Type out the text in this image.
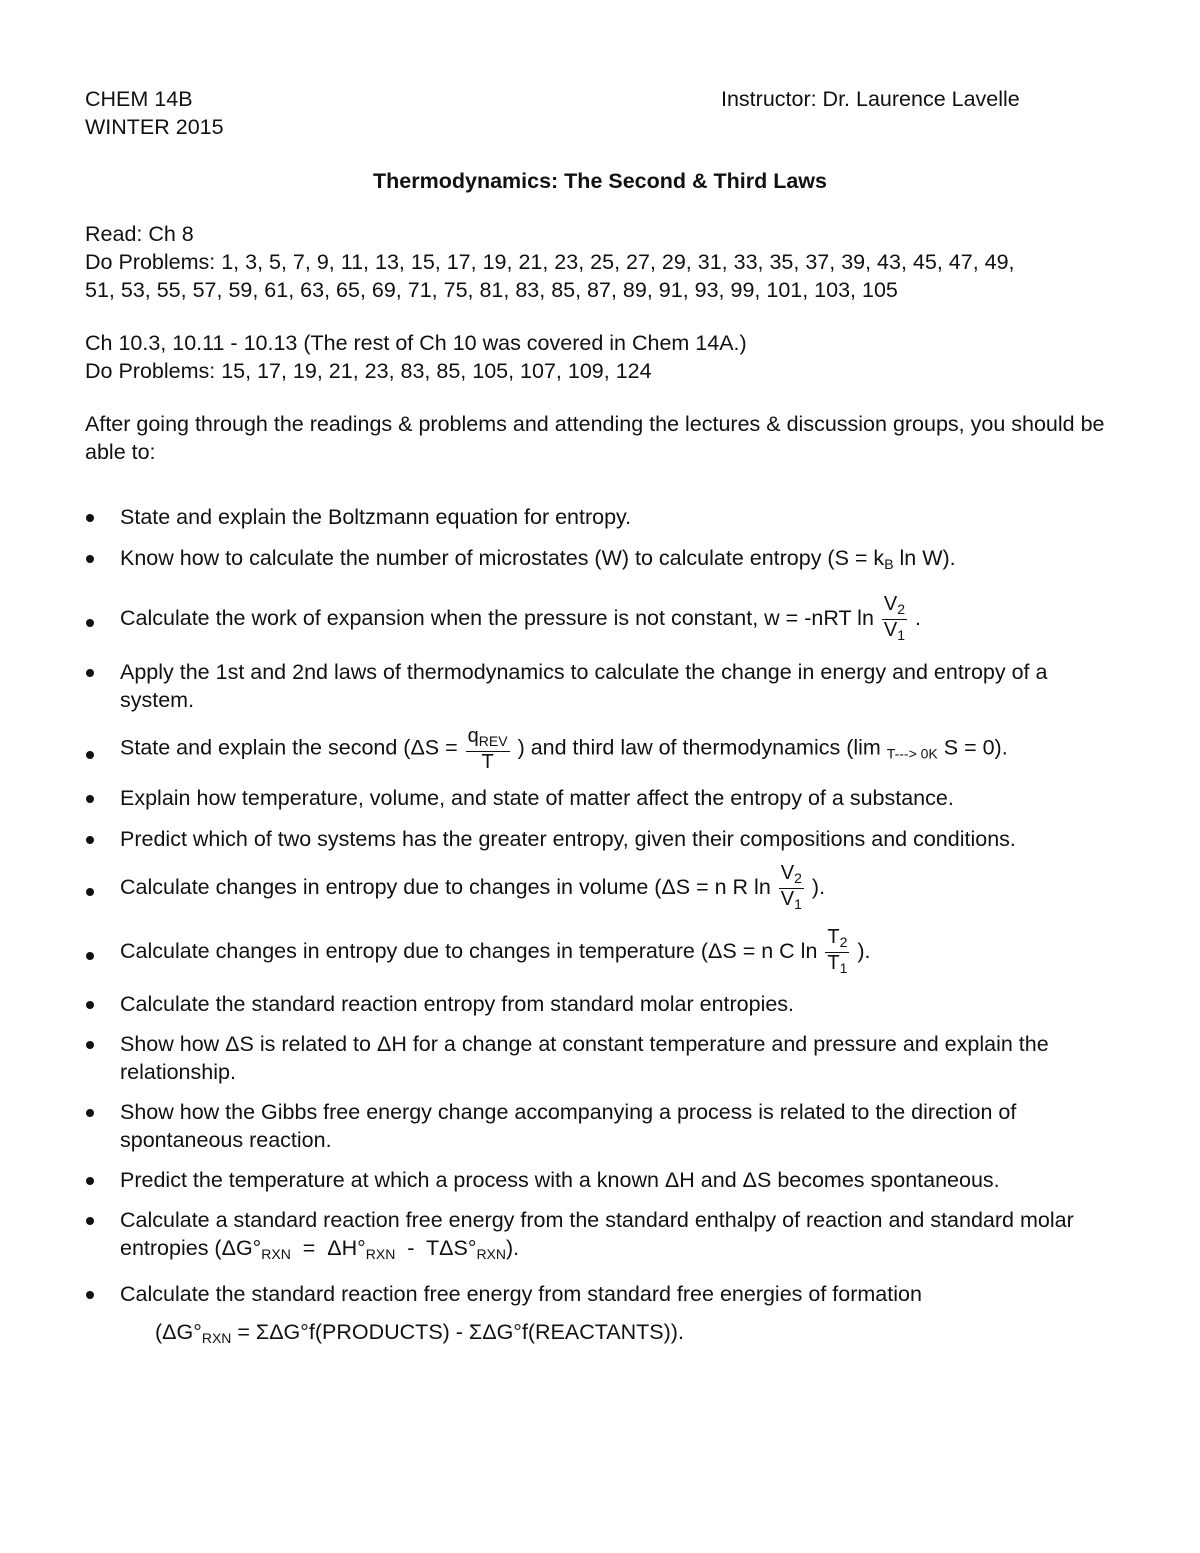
CHEM 14B
WINTER 2015
Instructor: Dr. Laurence Lavelle
Thermodynamics: The Second & Third Laws

Read: Ch 8

Do Problems: 1, 3, 5, 7, 9, 11, 13, 15, 17, 19, 21, 23, 25, 27, 29, 31, 33, 35, 37, 39, 43, 45, 47, 49,

51, 53, 55, 57, 59, 61, 63, 65, 69, 71, 75, 81, 83, 85, 87, 89, 91, 93, 99, 101, 103, 105

Ch 10.3, 10.11 - 10.13 (The rest of Ch 10 was covered in Chem 14A.)

Do Problems: 15, 17, 19, 21, 23, 83, 85, 105, 107, 109, 124

After going through the readings & problems and attending the lectures & discussion groups, you should be able to:
State and explain the Boltzmann equation for entropy.
Know how to calculate the number of microstates (W) to calculate entropy ($S = k_B$ ln W).
Calculate the work of expansion when the pressure is not constant, w = -nRT $\ln \frac{V_2}{V_1}$ .
Apply the 1st and 2nd laws of thermodynamics to calculate the change in energy and entropy of a system.
State and explain the second ($\Delta S = \frac{q_{REV}}{T}$ ) and third law of thermodynamics (lim $_{T---> 0K}$ S = 0).
Explain how temperature, volume, and state of matter affect the entropy of a substance.
Predict which of two systems has the greater entropy, given their compositions and conditions.
Calculate changes in entropy due to changes in volume (ΔS = n R $\ln \frac{V_2}{V_1}$ ).
Calculate changes in entropy due to changes in temperature (ΔS = n C $\ln \frac{T_2}{T_1}$ ).
Calculate the standard reaction entropy from standard molar entropies.
Show how ΔS is related to ΔH for a change at constant temperature and pressure and explain the relationship.
Show how the Gibbs free energy change accompanying a process is related to the direction of spontaneous reaction.
Predict the temperature at which a process with a known ΔH and ΔS becomes spontaneous.
Calculate a standard reaction free energy from the standard enthalpy of reaction and standard molar entropies $(\Delta G^\circ_{RXN} = \Delta H^\circ_{RXN} - T\Delta S^\circ_{RXN})$.
Calculate the standard reaction free energy from standard free energies of formation
($\Delta G^\circ_{RXN}$ = ΣΔG°f(PRODUCTS) - ΣΔG°f(REACTANTS)).
